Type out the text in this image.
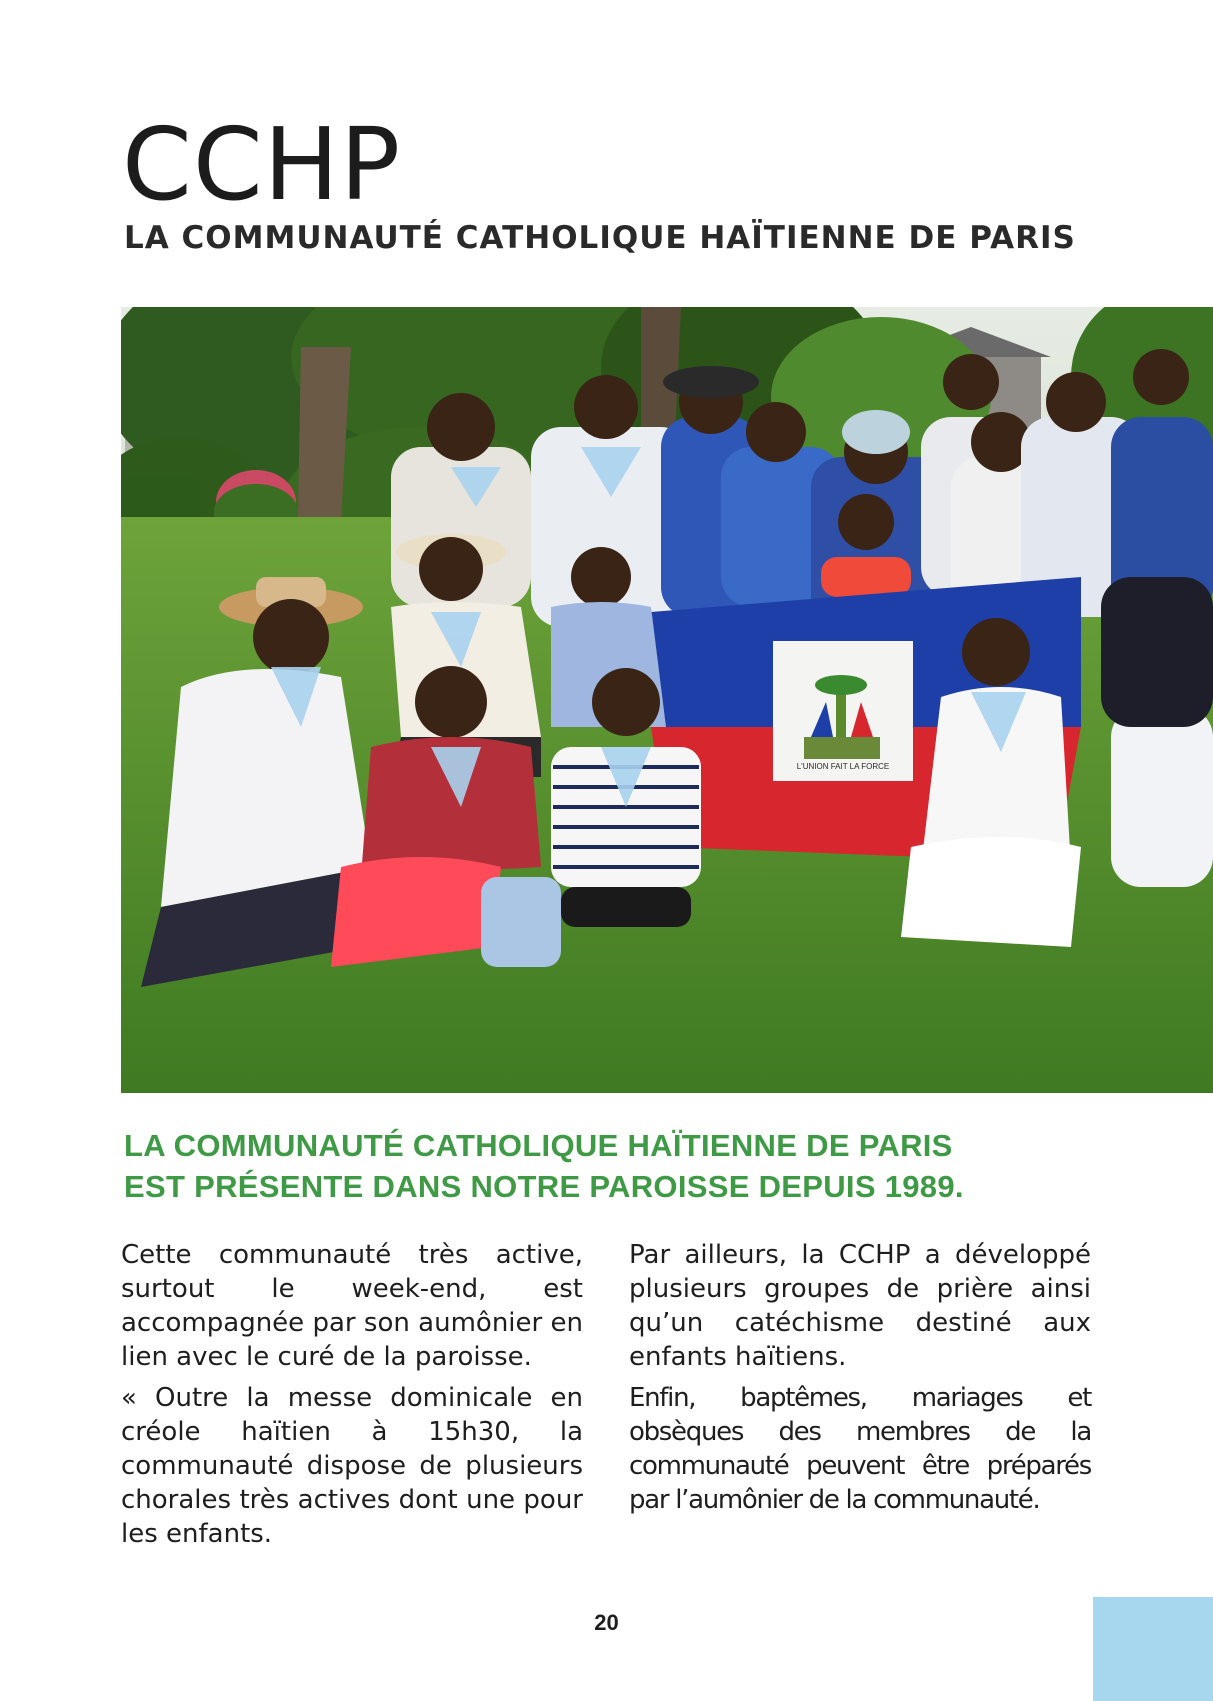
CCHP
LA COMMUNAUTÉ CATHOLIQUE HAÏTIENNE DE PARIS
L'UNION FAIT LA FORCE
LA COMMUNAUTÉ CATHOLIQUE HAÏTIENNE DE PARIS
EST PRÉSENTE DANS NOTRE PAROISSE DEPUIS 1989.

Cette communauté très active, surtout le week-end, est accompagnée par son aumônier en lien avec le curé de la paroisse.

« Outre la messe dominicale en créole haïtien à 15h30, la communauté dispose de plusieurs chorales très actives dont une pour les enfants.

Par ailleurs, la CCHP a développé plusieurs groupes de prière ainsi qu’un catéchisme destiné aux enfants haïtiens.

Enfin, baptêmes, mariages et obsèques des membres de la communauté peuvent être préparés par l’aumônier de la communauté.

20
